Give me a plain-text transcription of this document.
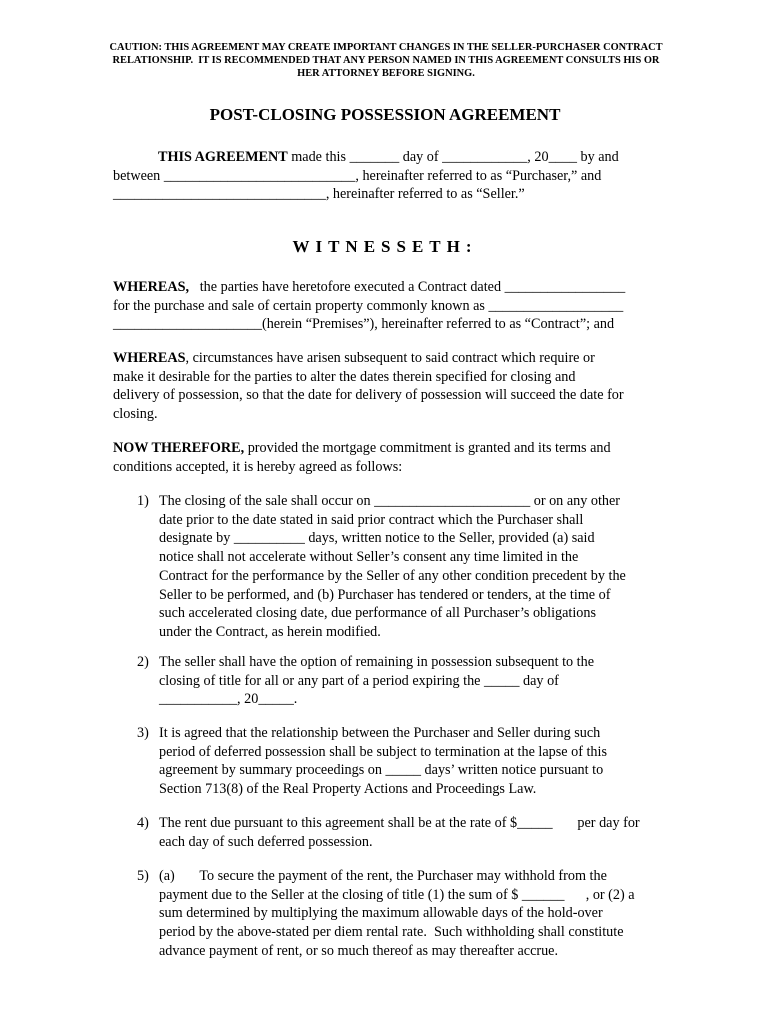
CAUTION: THIS AGREEMENT MAY CREATE IMPORTANT CHANGES IN THE SELLER-PURCHASER CONTRACT
RELATIONSHIP.  IT IS RECOMMENDED THAT ANY PERSON NAMED IN THIS AGREEMENT CONSULTS HIS OR
HER ATTORNEY BEFORE SIGNING.
POST-CLOSING POSSESSION AGREEMENT
THIS AGREEMENT made this _______ day of ____________, 20____ by and
between ___________________________, hereinafter referred to as “Purchaser,” and
______________________________, hereinafter referred to as “Seller.”
WITNESSETH:
WHEREAS,   the parties have heretofore executed a Contract dated _________________
for the purchase and sale of certain property commonly known as ___________________
_____________________(herein “Premises”), hereinafter referred to as “Contract”; and
WHEREAS, circumstances have arisen subsequent to said contract which require or
make it desirable for the parties to alter the dates therein specified for closing and
delivery of possession, so that the date for delivery of possession will succeed the date for
closing.
NOW THEREFORE, provided the mortgage commitment is granted and its terms and
conditions accepted, it is hereby agreed as follows:
1) The closing of the sale shall occur on ______________________ or on any other
date prior to the date stated in said prior contract which the Purchaser shall
designate by __________ days, written notice to the Seller, provided (a) said
notice shall not accelerate without Seller’s consent any time limited in the
Contract for the performance by the Seller of any other condition precedent by the
Seller to be performed, and (b) Purchaser has tendered or tenders, at the time of
such accelerated closing date, due performance of all Purchaser’s obligations
under the Contract, as herein modified.
2) The seller shall have the option of remaining in possession subsequent to the
closing of title for all or any part of a period expiring the _____ day of
___________, 20_____.
3) It is agreed that the relationship between the Purchaser and Seller during such
period of deferred possession shall be subject to termination at the lapse of this
agreement by summary proceedings on _____ days’ written notice pursuant to
Section 713(8) of the Real Property Actions and Proceedings Law.
4) The rent due pursuant to this agreement shall be at the rate of $_____       per day for
each day of such deferred possession.
5) (a)       To secure the payment of the rent, the Purchaser may withhold from the
payment due to the Seller at the closing of title (1) the sum of $ ______      , or (2) a
sum determined by multiplying the maximum allowable days of the hold-over
period by the above-stated per diem rental rate.  Such withholding shall constitute
advance payment of rent, or so much thereof as may thereafter accrue.
